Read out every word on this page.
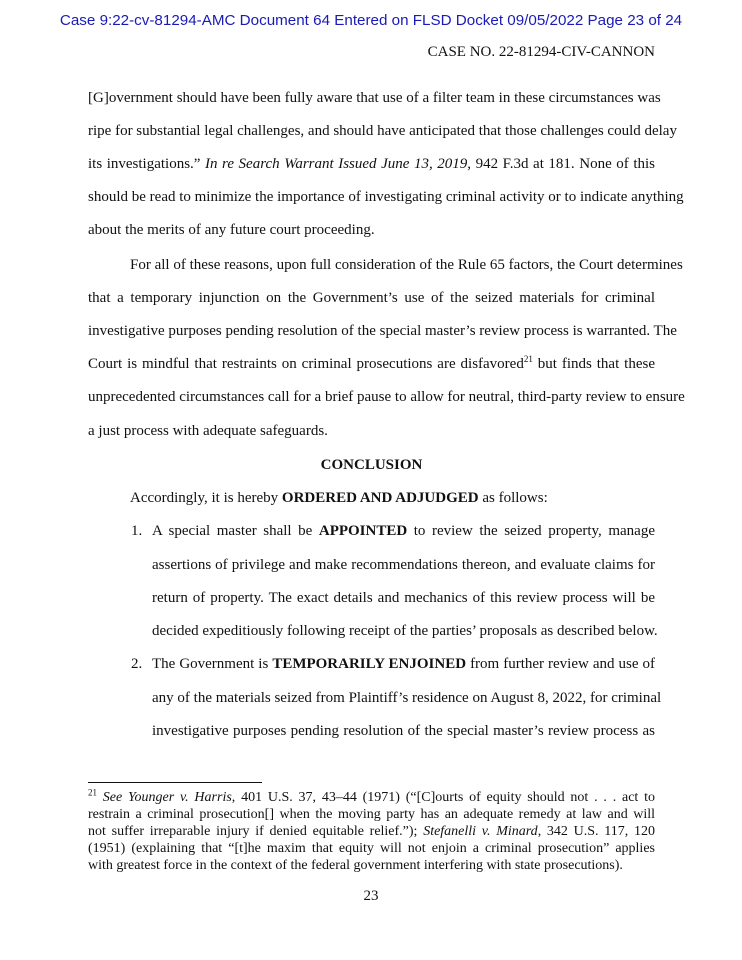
Case 9:22-cv-81294-AMC Document 64 Entered on FLSD Docket 09/05/2022 Page 23 of 24
CASE NO. 22-81294-CIV-CANNON
[G]overnment should have been fully aware that use of a filter team in these circumstances was
ripe for substantial legal challenges, and should have anticipated that those challenges could delay
its investigations.” In re Search Warrant Issued June 13, 2019, 942 F.3d at 181. None of this
should be read to minimize the importance of investigating criminal activity or to indicate anything
about the merits of any future court proceeding.
For all of these reasons, upon full consideration of the Rule 65 factors, the Court determines
that a temporary injunction on the Government’s use of the seized materials for criminal
investigative purposes pending resolution of the special master’s review process is warranted. The
Court is mindful that restraints on criminal prosecutions are disfavored$^{21}$ but finds that these
unprecedented circumstances call for a brief pause to allow for neutral, third-party review to ensure
a just process with adequate safeguards.
CONCLUSION
Accordingly, it is hereby ORDERED AND ADJUDGED as follows:
1. A special master shall be APPOINTED to review the seized property, manage
assertions of privilege and make recommendations thereon, and evaluate claims for
return of property. The exact details and mechanics of this review process will be
decided expeditiously following receipt of the parties’ proposals as described below.
2. The Government is TEMPORARILY ENJOINED from further review and use of
any of the materials seized from Plaintiff’s residence on August 8, 2022, for criminal
investigative purposes pending resolution of the special master’s review process as
$^{21}$ See Younger v. Harris, 401 U.S. 37, 43–44 (1971) (“[C]ourts of equity should not . . . act to
restrain a criminal prosecution[] when the moving party has an adequate remedy at law and will
not suffer irreparable injury if denied equitable relief.”); Stefanelli v. Minard, 342 U.S. 117, 120
(1951) (explaining that “[t]he maxim that equity will not enjoin a criminal prosecution” applies
with greatest force in the context of the federal government interfering with state prosecutions).
23
